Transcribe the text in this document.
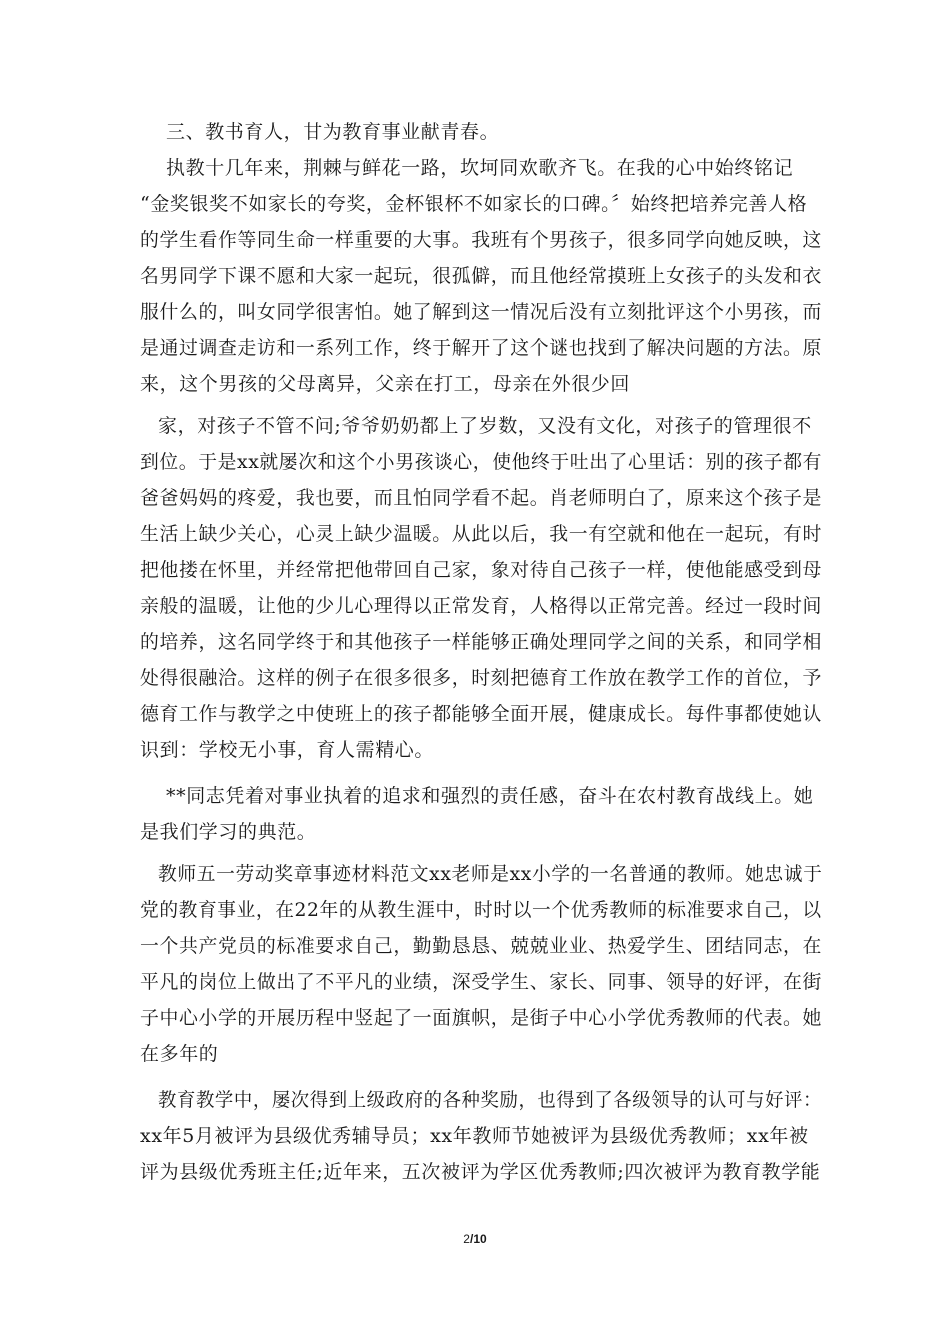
三、教书育人，甘为教育事业献青春。
执教十几年来，荆棘与鲜花一路，坎坷同欢歌齐飞。在我的心中始终铭记
“金奖银奖不如家长的夸奖，金杯银杯不如家长的口碑。〞始终把培养完善人格
的学生看作等同生命一样重要的大事。我班有个男孩子，很多同学向她反映，这
名男同学下课不愿和大家一起玩，很孤僻，而且他经常摸班上女孩子的头发和衣
服什么的，叫女同学很害怕。她了解到这一情况后没有立刻批评这个小男孩，而
是通过调查走访和一系列工作，终于解开了这个谜也找到了解决问题的方法。原
来，这个男孩的父母离异，父亲在打工，母亲在外很少回
家，对孩子不管不问;爷爷奶奶都上了岁数，又没有文化，对孩子的管理很不
到位。于是xx就屡次和这个小男孩谈心，使他终于吐出了心里话：别的孩子都有
爸爸妈妈的疼爱，我也要，而且怕同学看不起。肖老师明白了，原来这个孩子是
生活上缺少关心，心灵上缺少温暖。从此以后，我一有空就和他在一起玩，有时
把他搂在怀里，并经常把他带回自己家，象对待自己孩子一样，使他能感受到母
亲般的温暖，让他的少儿心理得以正常发育，人格得以正常完善。经过一段时间
的培养，这名同学终于和其他孩子一样能够正确处理同学之间的关系，和同学相
处得很融洽。这样的例子在很多很多，时刻把德育工作放在教学工作的首位，予
德育工作与教学之中使班上的孩子都能够全面开展，健康成长。每件事都使她认
识到：学校无小事，育人需精心。
**同志凭着对事业执着的追求和强烈的责任感，奋斗在农村教育战线上。她
是我们学习的典范。
教师五一劳动奖章事迹材料范文xx老师是xx小学的一名普通的教师。她忠诚于
党的教育事业，在22年的从教生涯中，时时以一个优秀教师的标准要求自己，以
一个共产党员的标准要求自己，勤勤恳恳、兢兢业业、热爱学生、团结同志，在
平凡的岗位上做出了不平凡的业绩，深受学生、家长、同事、领导的好评，在街
子中心小学的开展历程中竖起了一面旗帜，是街子中心小学优秀教师的代表。她
在多年的
教育教学中，屡次得到上级政府的各种奖励，也得到了各级领导的认可与好评：
xx年5月被评为县级优秀辅导员；xx年教师节她被评为县级优秀教师；xx年被
评为县级优秀班主任;近年来，五次被评为学区优秀教师;四次被评为教育教学能
2/10
